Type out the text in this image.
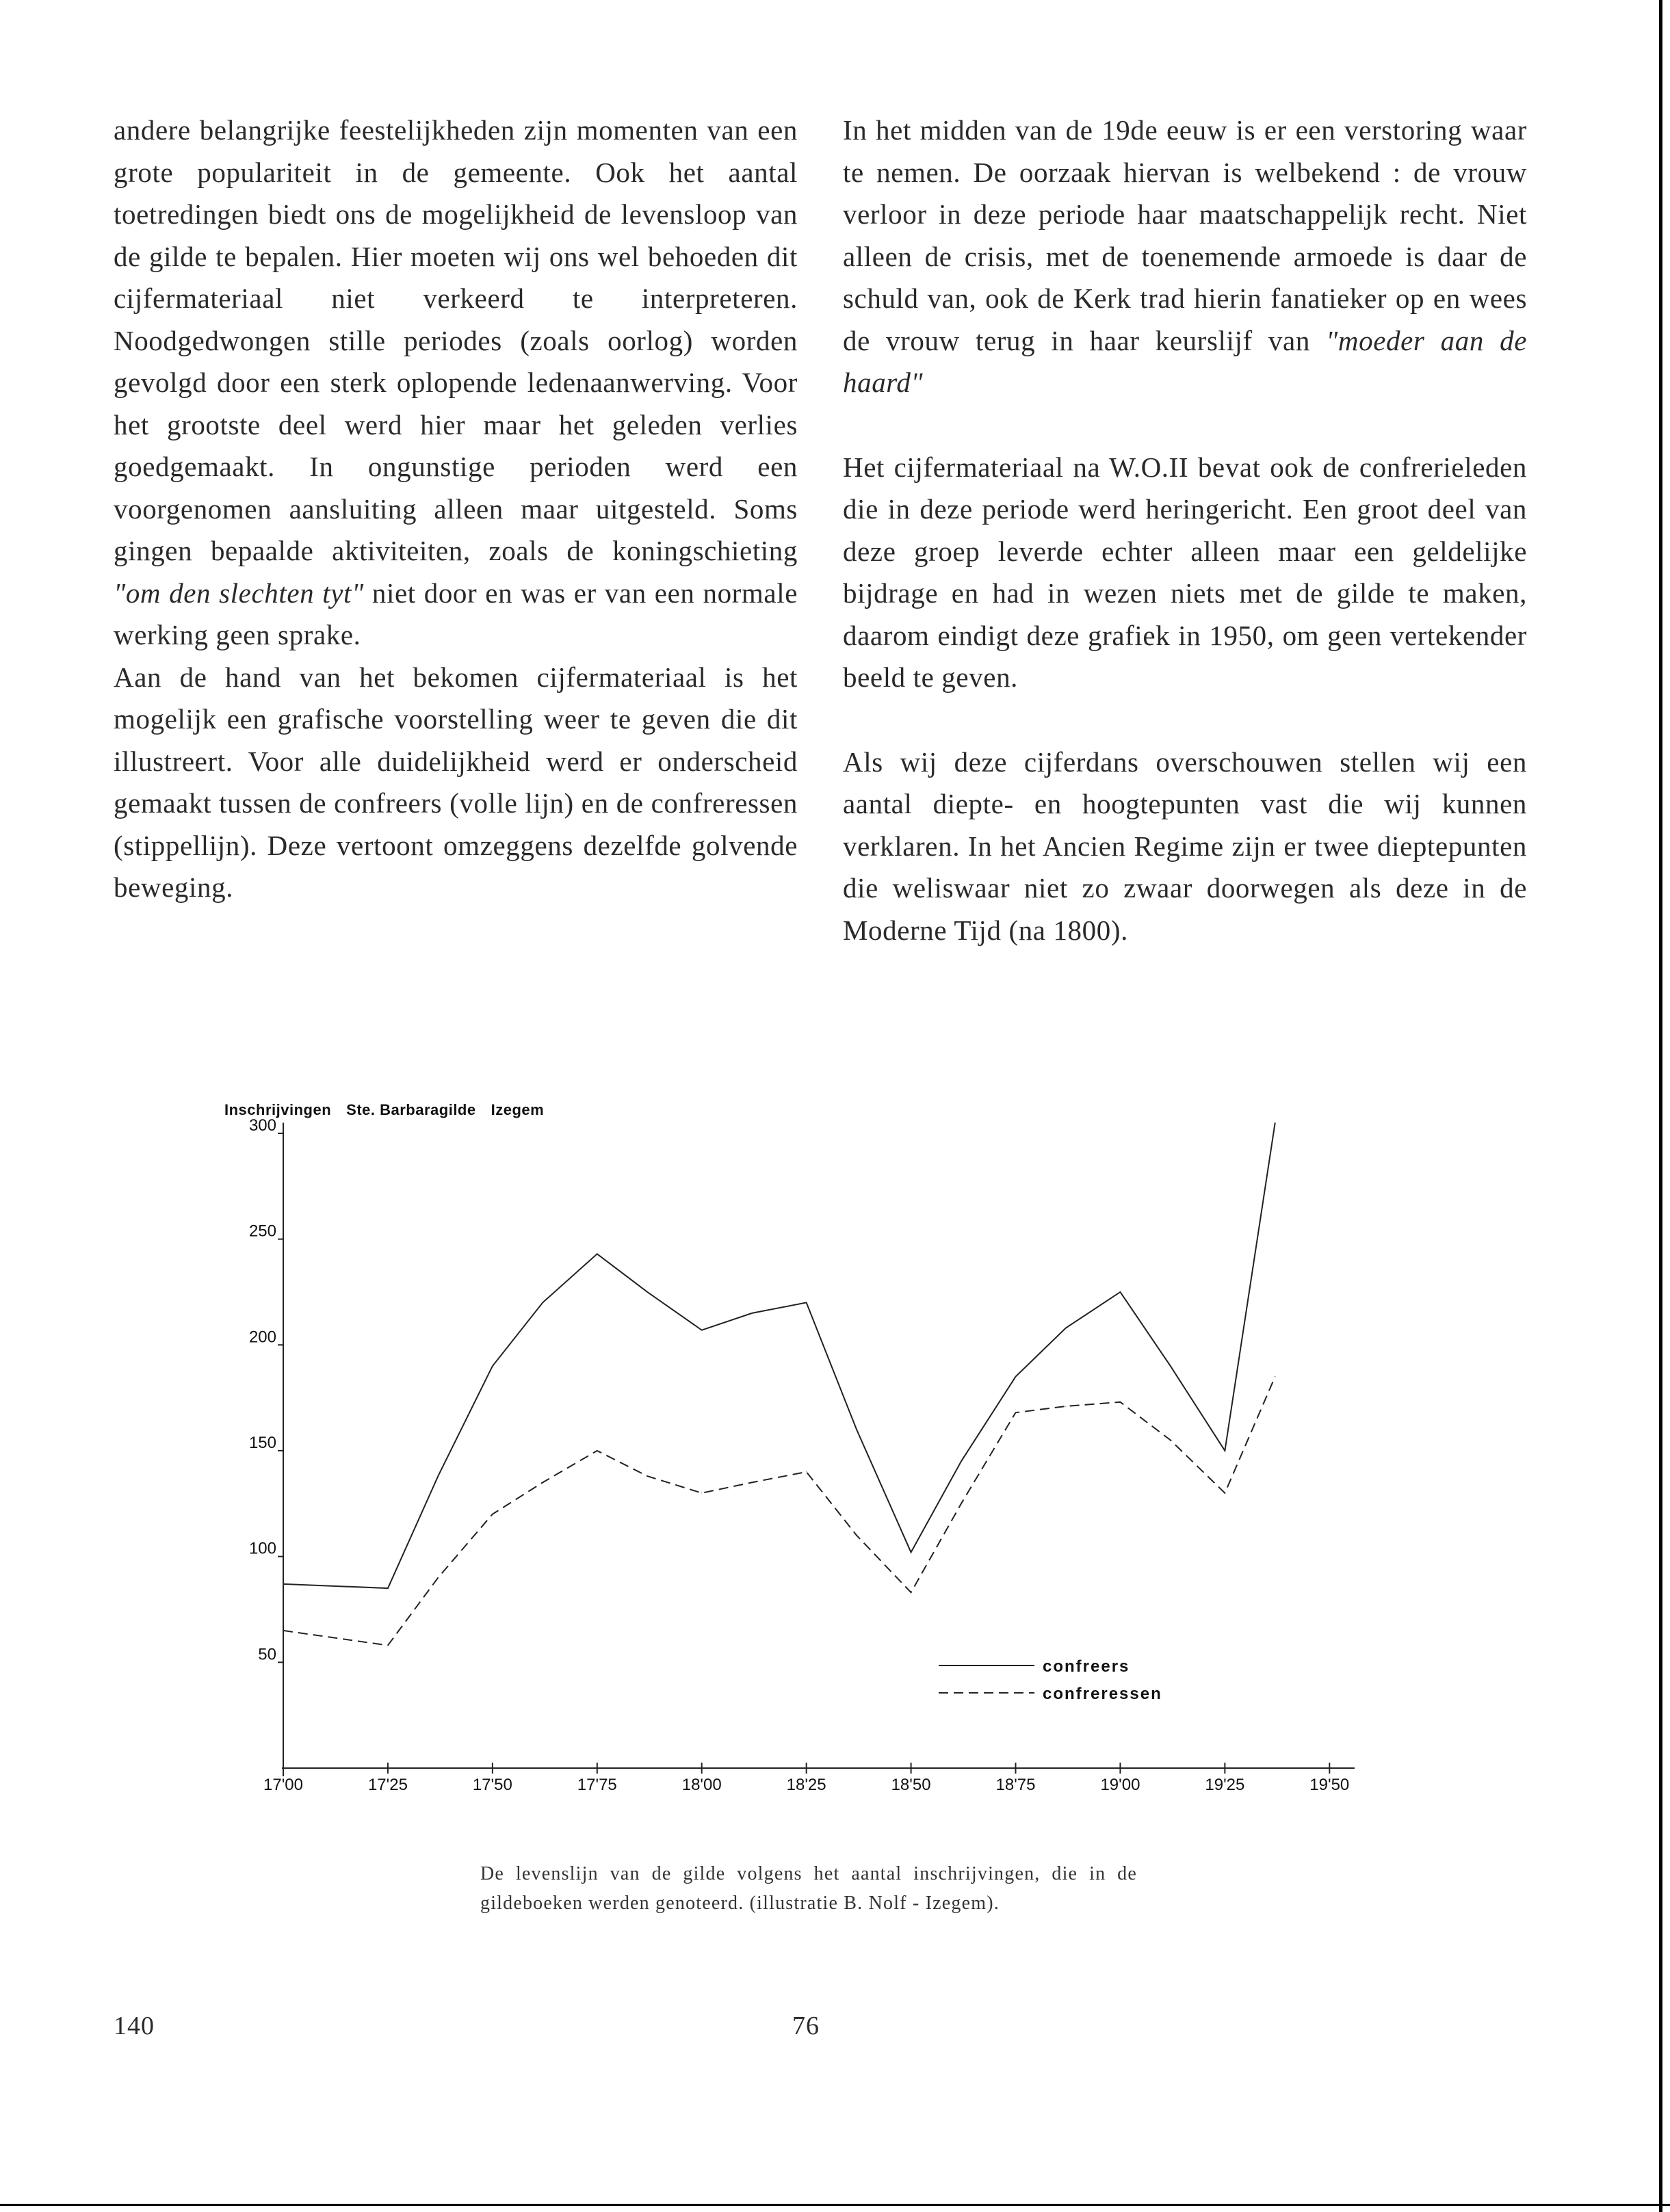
andere belangrijke feestelijkheden zijn momenten van een grote populariteit in de gemeente. Ook het aantal toetredingen biedt ons de mogelijkheid de levensloop van de gilde te bepalen. Hier moeten wij ons wel behoeden dit cijfermateriaal niet verkeerd te interpreteren. Noodgedwongen stille periodes (zoals oorlog) worden gevolgd door een sterk oplopende ledenaanwerving. Voor het grootste deel werd hier maar het geleden verlies goedgemaakt. In ongunstige perioden werd een voorgenomen aansluiting alleen maar uitgesteld. Soms gingen bepaalde aktiviteiten, zoals de koningschieting "om den slechten tyt" niet door en was er van een normale werking geen sprake.

Aan de hand van het bekomen cijfermateriaal is het mogelijk een grafische voorstelling weer te geven die dit illustreert. Voor alle duidelijkheid werd er onderscheid gemaakt tussen de confreers (volle lijn) en de confreressen (stippellijn). Deze vertoont omzeggens dezelfde golvende beweging.

In het midden van de 19de eeuw is er een verstoring waar te nemen. De oorzaak hiervan is welbekend : de vrouw verloor in deze periode haar maatschappelijk recht. Niet alleen de crisis, met de toenemende armoede is daar de schuld van, ook de Kerk trad hierin fanatieker op en wees de vrouw terug in haar keurslijf van "moeder aan de haard"

Het cijfermateriaal na W.O.II bevat ook de confrerieleden die in deze periode werd heringericht. Een groot deel van deze groep leverde echter alleen maar een geldelijke bijdrage en had in wezen niets met de gilde te maken, daarom eindigt deze grafiek in 1950, om geen vertekender beeld te geven.

Als wij deze cijferdans overschouwen stellen wij een aantal diepte- en hoogtepunten vast die wij kunnen verklaren. In het Ancien Regime zijn er twee dieptepunten die weliswaar niet zo zwaar doorwegen als deze in de Moderne Tijd (na 1800).

Inschrijvingen Ste. Barbaragilde Izegem
50
100
150
200
250
300
17'00	17'25	17'50	17'75	18'00	18'25	18'50	18'75	19'00	19'25	19'50
confreers
confreressen
De levenslijn van de gilde volgens het aantal inschrijvingen, die in de gildeboeken werden genoteerd. (illustratie B. Nolf - Izegem).
140	76
